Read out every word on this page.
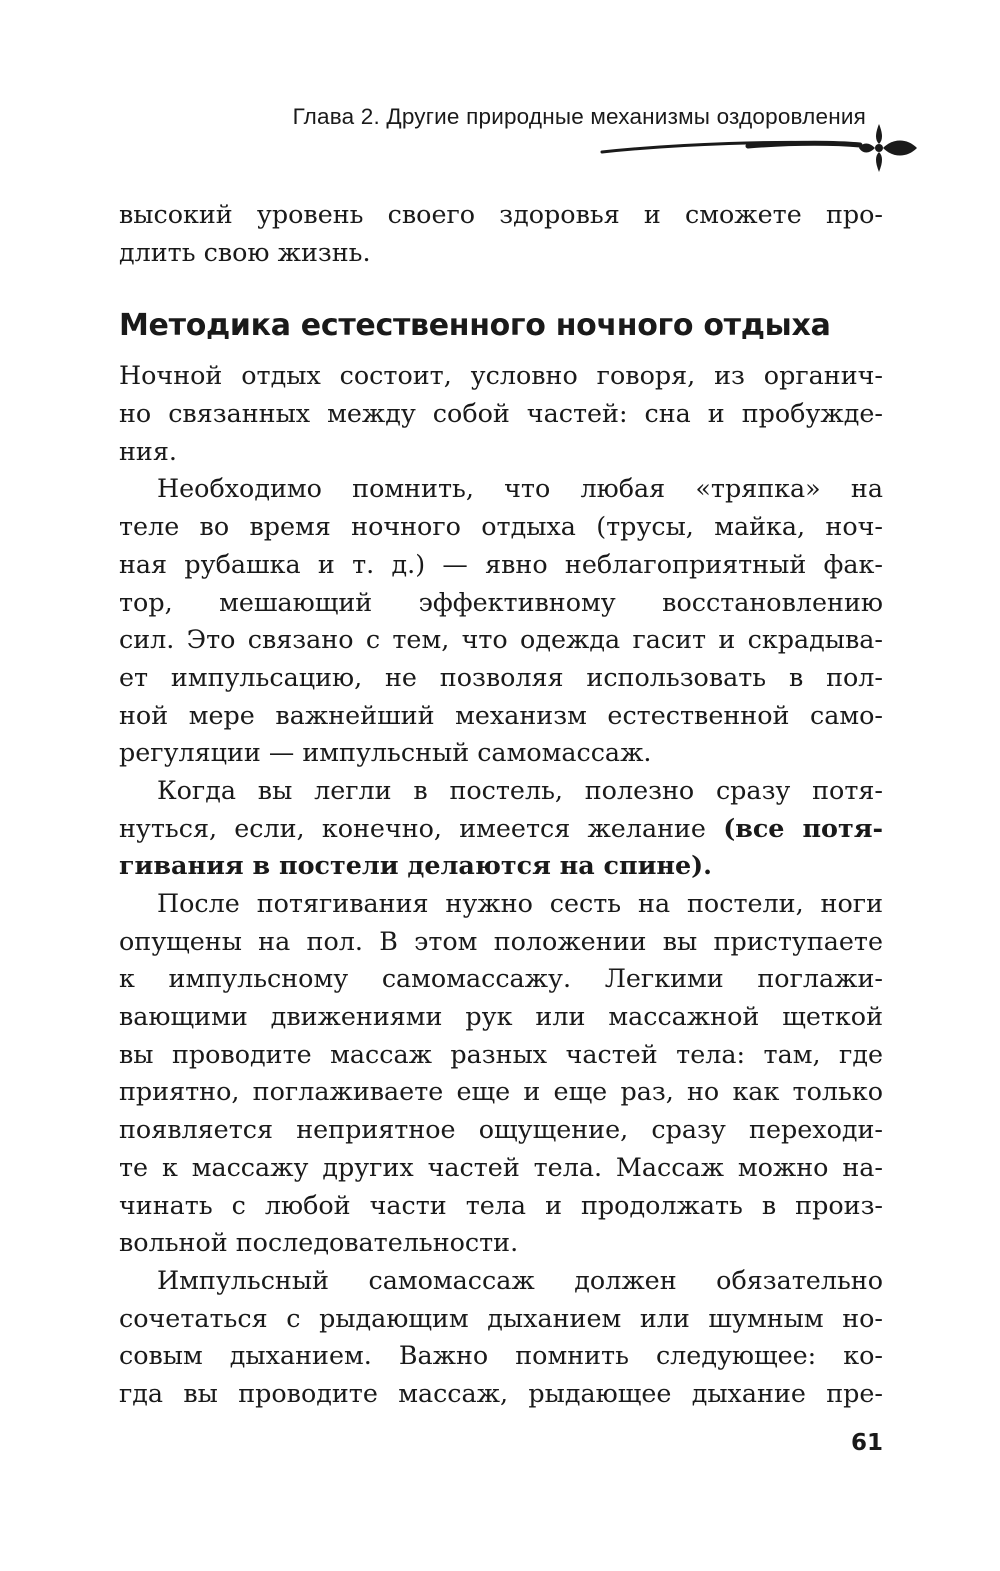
Глава 2. Другие природные механизмы оздоровления
высокий уровень своего здоровья и сможете про-
длить свою жизнь.
Методика естественного ночного отдыха
Ночной отдых состоит, условно говоря, из органич-
но связанных между собой частей: сна и пробужде-
ния.
Необходимо помнить, что любая «тряпка» на
теле во время ночного отдыха (трусы, майка, ноч-
ная рубашка и т. д.) — явно неблагоприятный фак-
тор, мешающий эффективному восстановлению
сил. Это связано с тем, что одежда гасит и скрадыва-
ет импульсацию, не позволяя использовать в пол-
ной мере важнейший механизм естественной само-
регуляции — импульсный самомассаж.
Когда вы легли в постель, полезно сразу потя-
нуться, если, конечно, имеется желание (все потя-
гивания в постели делаются на спине).
После потягивания нужно сесть на постели, ноги
опущены на пол. В этом положении вы приступаете
к импульсному самомассажу. Легкими поглажи-
вающими движениями рук или массажной щеткой
вы проводите массаж разных частей тела: там, где
приятно, поглаживаете еще и еще раз, но как только
появляется неприятное ощущение, сразу переходи-
те к массажу других частей тела. Массаж можно на-
чинать с любой части тела и продолжать в произ-
вольной последовательности.
Импульсный самомассаж должен обязательно
сочетаться с рыдающим дыханием или шумным но-
совым дыханием. Важно помнить следующее: ко-
гда вы проводите массаж, рыдающее дыхание пре-
61
